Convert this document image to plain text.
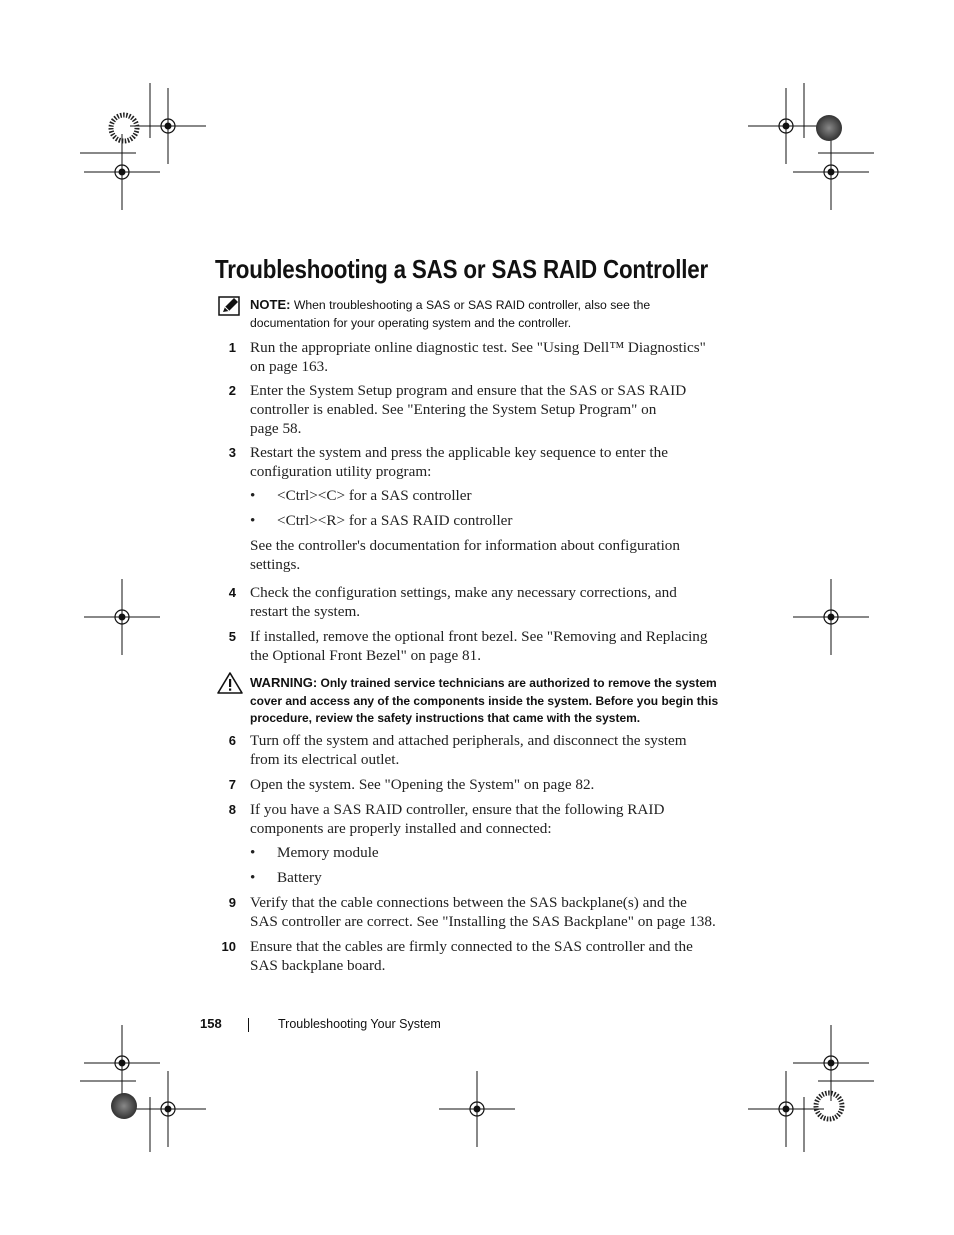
Troubleshooting a SAS or SAS RAID Controller
NOTE: When troubleshooting a SAS or SAS RAID controller, also see the documentation for your operating system and the controller.
1 Run the appropriate online diagnostic test. See "Using Dell™ Diagnostics"
on page 163.
2 Enter the System Setup program and ensure that the SAS or SAS RAID
controller is enabled. See "Entering the System Setup Program" on
page 58.
3 Restart the system and press the applicable key sequence to enter the
configuration utility program:
4 Check the configuration settings, make any necessary corrections, and
restart the system.
5 If installed, remove the optional front bezel. See "Removing and Replacing
the Optional Front Bezel" on page 81.
6 Turn off the system and attached peripherals, and disconnect the system
from its electrical outlet.
7 Open the system. See "Opening the System" on page 82.
8 If you have a SAS RAID controller, ensure that the following RAID
components are properly installed and connected:
9 Verify that the cable connections between the SAS backplane(s) and the
SAS controller are correct. See "Installing the SAS Backplane" on page 138.
10 Ensure that the cables are firmly connected to the SAS controller and the
SAS backplane board.
• <Ctrl><C> for a SAS controller
• <Ctrl><R> for a SAS RAID controller
See the controller's documentation for information about configuration
settings.
WARNING: Only trained service technicians are authorized to remove the system
cover and access any of the components inside the system. Before you begin this
procedure, review the safety instructions that came with the system.
• Memory module
• Battery
158	Troubleshooting Your System
